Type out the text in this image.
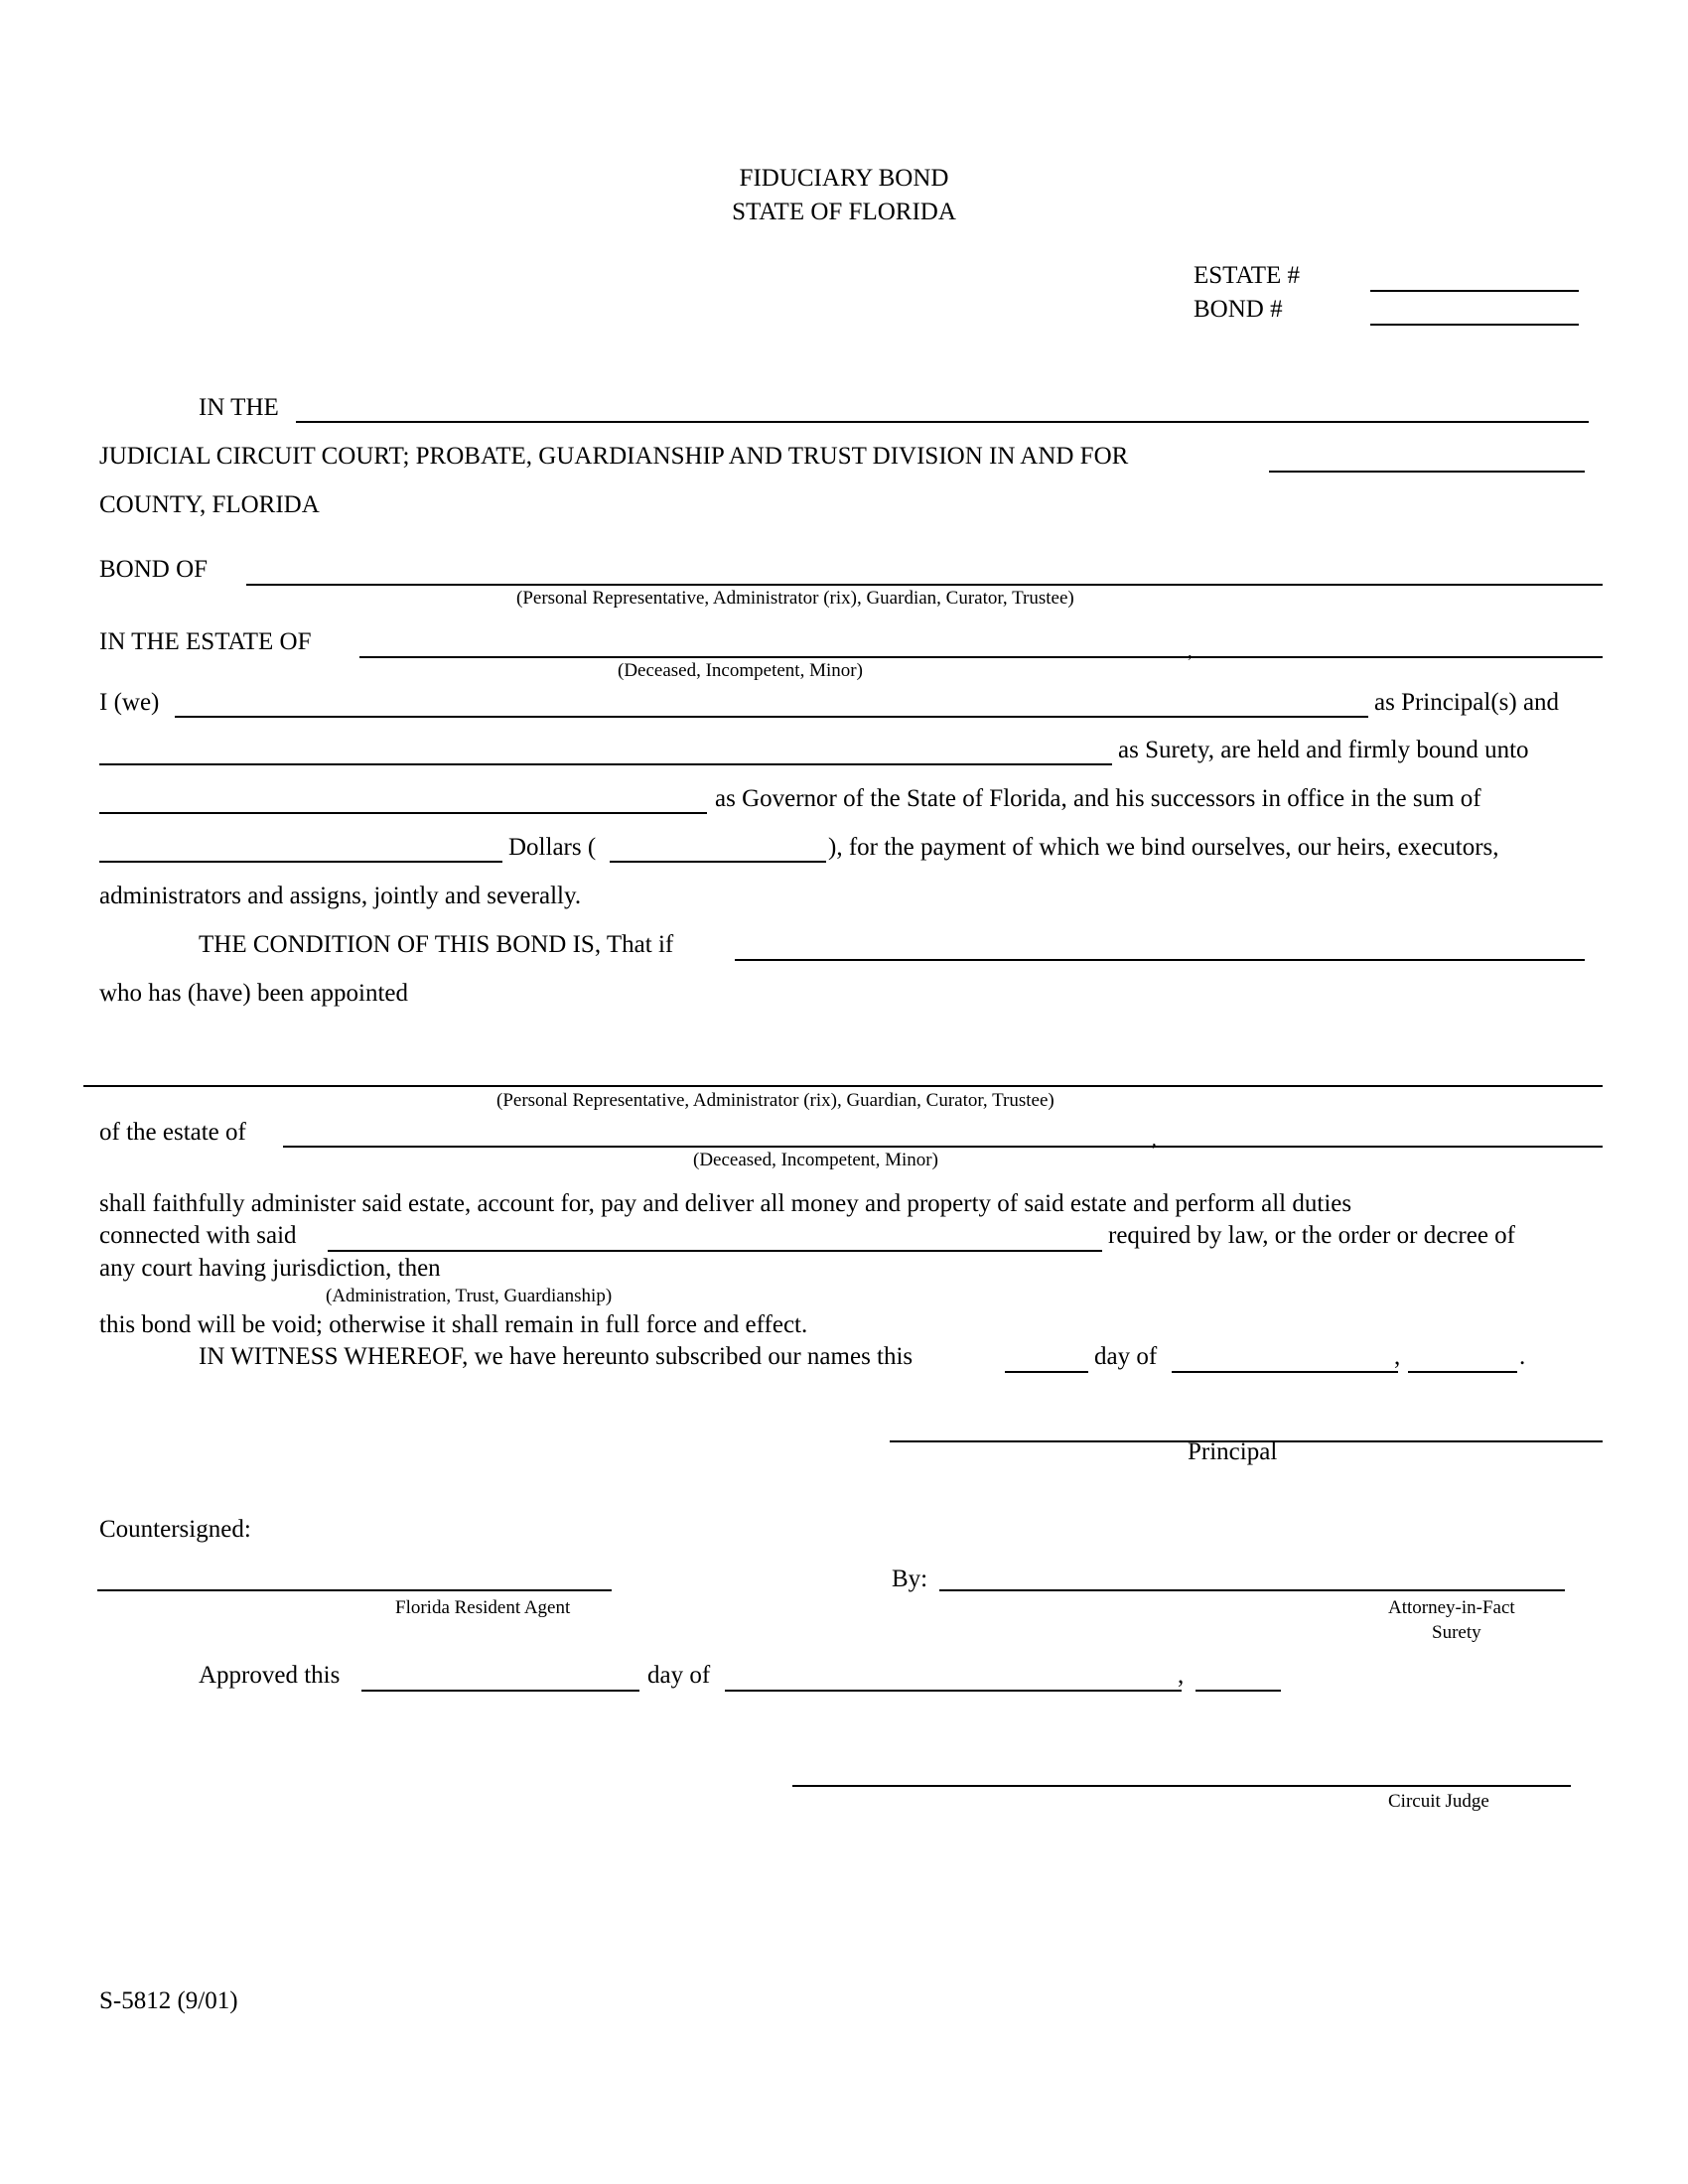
FIDUCIARY BOND
STATE OF FLORIDA
ESTATE #
BOND #
IN THE
JUDICIAL CIRCUIT COURT; PROBATE, GUARDIANSHIP AND TRUST DIVISION IN AND FOR
COUNTY, FLORIDA
BOND OF
(Personal Representative, Administrator (rix), Guardian, Curator, Trustee)
IN THE ESTATE OF	,
(Deceased, Incompetent, Minor)
I (we)	as Principal(s) and
as Surety, are held and firmly bound unto
as Governor of the State of Florida, and his successors in office in the sum of
Dollars (	), for the payment of which we bind ourselves, our heirs, executors,
administrators and assigns, jointly and severally.
THE CONDITION OF THIS BOND IS, That if
who has (have) been appointed
(Personal Representative, Administrator (rix), Guardian, Curator, Trustee)
of the estate of	,
(Deceased, Incompetent, Minor)
shall faithfully administer said estate, account for, pay and deliver all money and property of said estate and perform all duties
connected with said	required by law, or the order or decree of
any court having jurisdiction, then
(Administration, Trust, Guardianship)
this bond will be void; otherwise it shall remain in full force and effect.
IN WITNESS WHEREOF, we have hereunto subscribed our names this	day of	,	.
Principal
Countersigned:
Florida Resident Agent
By:
Attorney-in-Fact
Surety
Approved this	day of	,
Circuit Judge
S-5812 (9/01)
